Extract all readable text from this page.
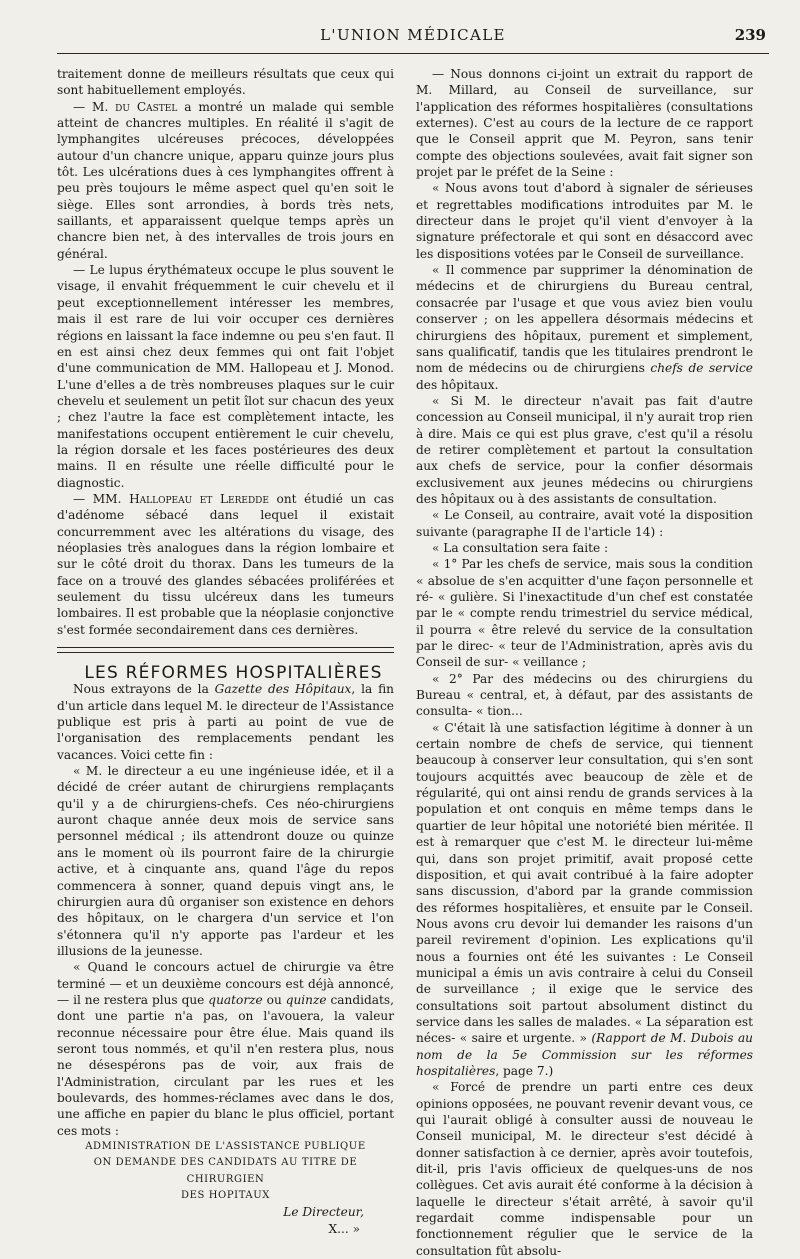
L'UNION MÉDICALE	239

traitement donne de meilleurs résultats que ceux qui sont habituellement employés.

— M. du Castel a montré un malade qui semble atteint de chancres multiples. En réalité il s'agit de lymphangites ulcéreuses précoces, développées autour d'un chancre unique, apparu quinze jours plus tôt. Les ulcérations dues à ces lymphangites offrent à peu près toujours le même aspect quel qu'en soit le siège. Elles sont arrondies, à bords très nets, saillants, et apparaissent quelque temps après un chancre bien net, à des intervalles de trois jours en général.

— Le lupus érythémateux occupe le plus souvent le visage, il envahit fréquemment le cuir chevelu et il peut exceptionnellement intéresser les membres, mais il est rare de lui voir occuper ces dernières régions en laissant la face indemne ou peu s'en faut. Il en est ainsi chez deux femmes qui ont fait l'objet d'une communication de MM. Hallopeau et J. Monod. L'une d'elles a de très nombreuses plaques sur le cuir chevelu et seulement un petit îlot sur chacun des yeux ; chez l'autre la face est complètement intacte, les manifestations occupent entièrement le cuir chevelu, la région dorsale et les faces postérieures des deux mains. Il en résulte une réelle difficulté pour le diagnostic.

— MM. Hallopeau et Leredde ont étudié un cas d'adénome sébacé dans lequel il existait concurremment avec les altérations du visage, des néoplasies très analogues dans la région lombaire et sur le côté droit du thorax. Dans les tumeurs de la face on a trouvé des glandes sébacées proliférées et seulement du tissu ulcéreux dans les tumeurs lombaires. Il est probable que la néoplasie conjonctive s'est formée secondairement dans ces dernières.

LES RÉFORMES HOSPITALIÈRES

Nous extrayons de la Gazette des Hôpitaux, la fin d'un article dans lequel M. le directeur de l'Assistance publique est pris à parti au point de vue de l'organisation des remplacements pendant les vacances. Voici cette fin :

« M. le directeur a eu une ingénieuse idée, et il a décidé de créer autant de chirurgiens remplaçants qu'il y a de chirurgiens-chefs. Ces néo-chirurgiens auront chaque année deux mois de service sans personnel médical ; ils attendront douze ou quinze ans le moment où ils pourront faire de la chirurgie active, et à cinquante ans, quand l'âge du repos commencera à sonner, quand depuis vingt ans, le chirurgien aura dû organiser son existence en dehors des hôpitaux, on le chargera d'un service et l'on s'étonnera qu'il n'y apporte pas l'ardeur et les illusions de la jeunesse.

« Quand le concours actuel de chirurgie va être terminé — et un deuxième concours est déjà annoncé, — il ne restera plus que quatorze ou quinze candidats, dont une partie n'a pas, on l'avouera, la valeur reconnue nécessaire pour être élue. Mais quand ils seront tous nommés, et qu'il n'en restera plus, nous ne désespérons pas de voir, aux frais de l'Administration, circulant par les rues et les boulevards, des hommes-réclames avec dans le dos, une affiche en papier du blanc le plus officiel, portant ces mots :

ADMINISTRATION DE L'ASSISTANCE PUBLIQUE

ON DEMANDE DES CANDIDATS AU TITRE DE CHIRURGIEN

DES HOPITAUX

Le Directeur,

X... »

— Nous donnons ci-joint un extrait du rapport de M. Millard, au Conseil de surveillance, sur l'application des réformes hospitalières (consultations externes). C'est au cours de la lecture de ce rapport que le Conseil apprit que M. Peyron, sans tenir compte des objections soulevées, avait fait signer son projet par le préfet de la Seine :

« Nous avons tout d'abord à signaler de sérieuses et regrettables modifications introduites par M. le directeur dans le projet qu'il vient d'envoyer à la signature préfectorale et qui sont en désaccord avec les dispositions votées par le Conseil de surveillance.

« Il commence par supprimer la dénomination de médecins et de chirurgiens du Bureau central, consacrée par l'usage et que vous aviez bien voulu conserver ; on les appellera désormais médecins et chirurgiens des hôpitaux, purement et simplement, sans qualificatif, tandis que les titulaires prendront le nom de médecins ou de chirurgiens chefs de service des hôpitaux.

« Si M. le directeur n'avait pas fait d'autre concession au Conseil municipal, il n'y aurait trop rien à dire. Mais ce qui est plus grave, c'est qu'il a résolu de retirer complètement et partout la consultation aux chefs de service, pour la confier désormais exclusivement aux jeunes médecins ou chirurgiens des hôpitaux ou à des assistants de consultation.

« Le Conseil, au contraire, avait voté la disposition suivante (paragraphe II de l'article 14) :

« La consultation sera faite :

« 1° Par les chefs de service, mais sous la condition « absolue de s'en acquitter d'une façon personnelle et ré- « gulière. Si l'inexactitude d'un chef est constatée par le « compte rendu trimestriel du service médical, il pourra « être relevé du service de la consultation par le direc- « teur de l'Administration, après avis du Conseil de sur- « veillance ;

« 2° Par des médecins ou des chirurgiens du Bureau « central, et, à défaut, par des assistants de consulta- « tion...

« C'était là une satisfaction légitime à donner à un certain nombre de chefs de service, qui tiennent beaucoup à conserver leur consultation, qui s'en sont toujours acquittés avec beaucoup de zèle et de régularité, qui ont ainsi rendu de grands services à la population et ont conquis en même temps dans le quartier de leur hôpital une notoriété bien méritée. Il est à remarquer que c'est M. le directeur lui-même qui, dans son projet primitif, avait proposé cette disposition, et qui avait contribué à la faire adopter sans discussion, d'abord par la grande commission des réformes hospitalières, et ensuite par le Conseil. Nous avons cru devoir lui demander les raisons d'un pareil revirement d'opinion. Les explications qu'il nous a fournies ont été les suivantes : Le Conseil municipal a émis un avis contraire à celui du Conseil de surveillance ; il exige que le service des consultations soit partout absolument distinct du service dans les salles de malades. « La séparation est néces- « saire et urgente. » (Rapport de M. Dubois au nom de la 5e Commission sur les réformes hospitalières, page 7.)

« Forcé de prendre un parti entre ces deux opinions opposées, ne pouvant revenir devant vous, ce qui l'aurait obligé à consulter aussi de nouveau le Conseil municipal, M. le directeur s'est décidé à donner satisfaction à ce dernier, après avoir toutefois, dit-il, pris l'avis officieux de quelques-uns de nos collègues. Cet avis aurait été conforme à la décision à laquelle le directeur s'était arrêté, à savoir qu'il regardait comme indispensable pour un fonctionnement régulier que le service de la consultation fût absolu-
